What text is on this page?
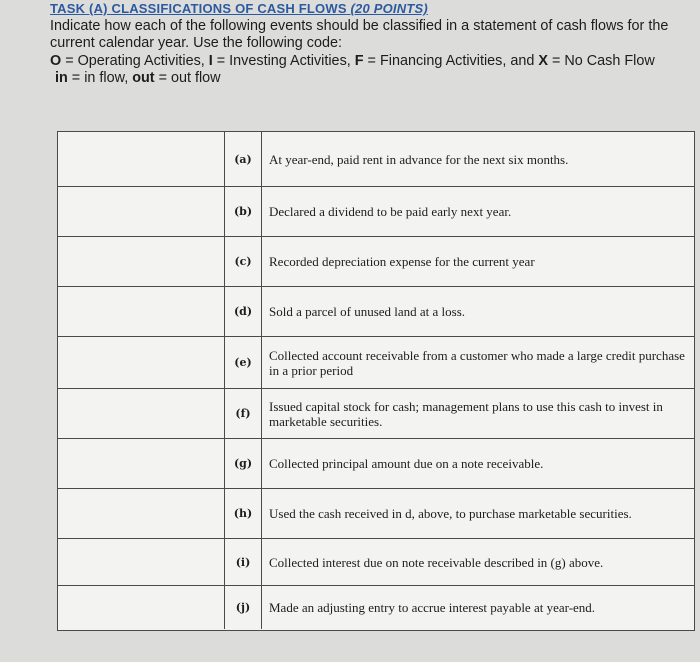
TASK (A) CLASSIFICATIONS OF CASH FLOWS (20 POINTS)
Indicate how each of the following events should be classified in a statement of cash flows for the
current calendar year. Use the following code:
O = Operating Activities, I = Investing Activities, F = Financing Activities, and X = No Cash Flow
in = in flow, out = out flow
(a)	At year-end, paid rent in advance for the next six months.
(b)	Declared a dividend to be paid early next year.
(c)	Recorded depreciation expense for the current year
(d)	Sold a parcel of unused land at a loss.
(e)	Collected account receivable from a customer who made a large credit purchase in a prior period
(f)	Issued capital stock for cash; management plans to use this cash to invest in marketable securities.
(g)	Collected principal amount due on a note receivable.
(h)	Used the cash received in d, above, to purchase marketable securities.
(i)	Collected interest due on note receivable described in (g) above.
(j)	Made an adjusting entry to accrue interest payable at year-end.
